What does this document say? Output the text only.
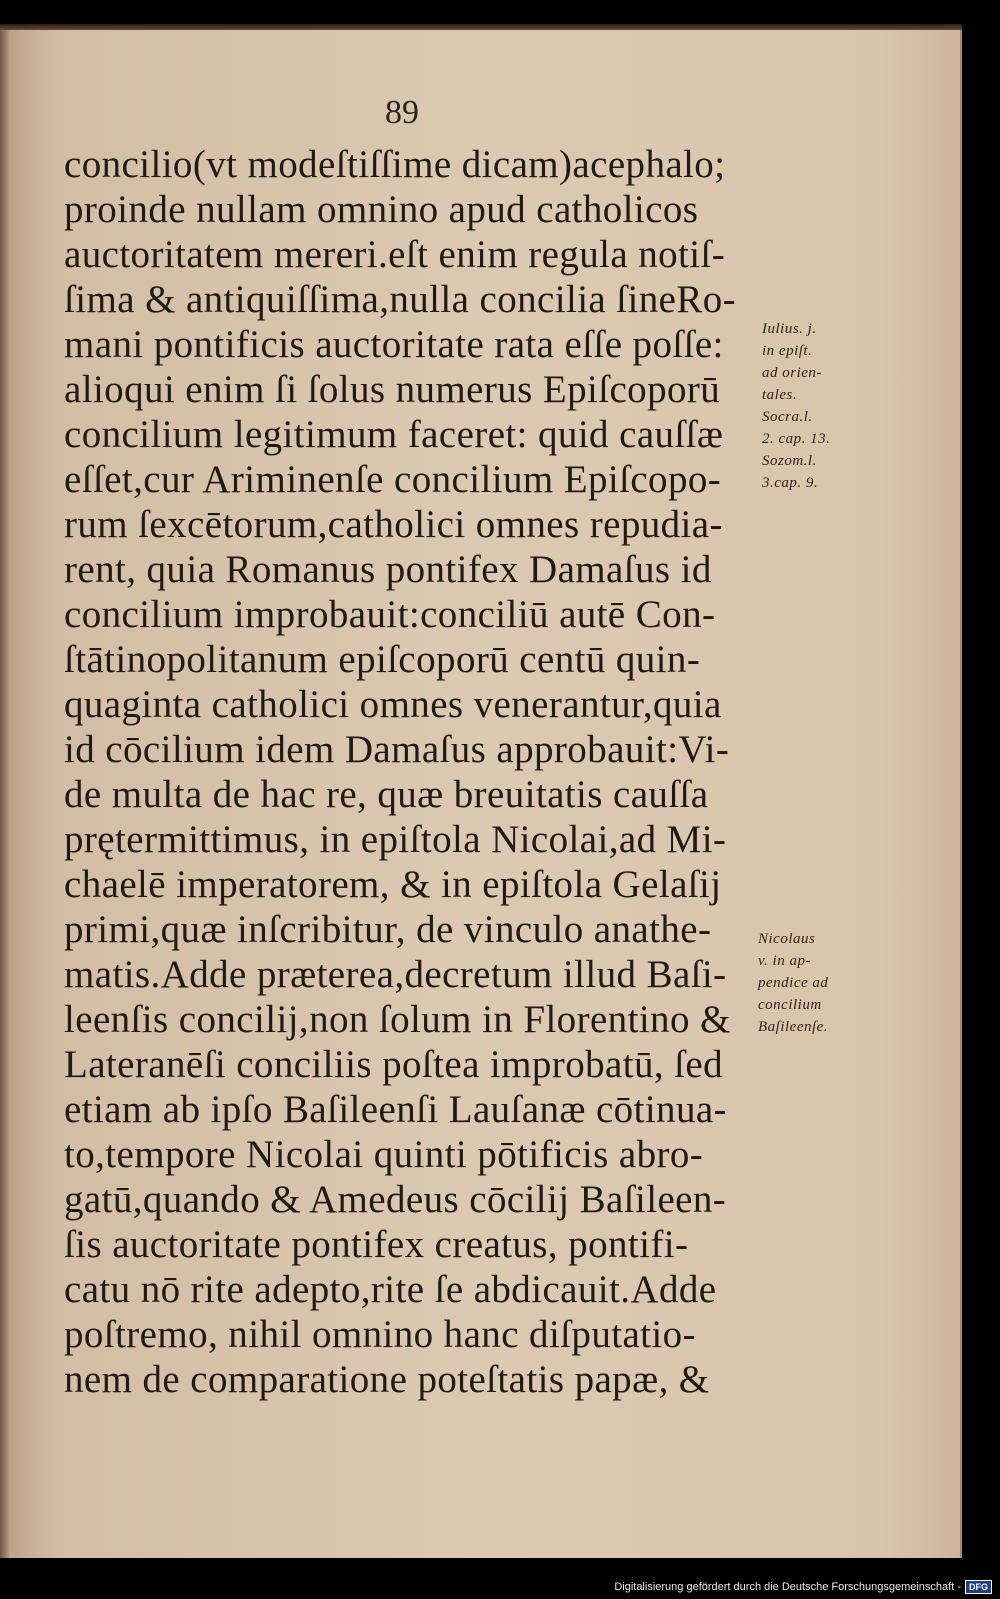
89
concilio(vt modeſtiſſime dicam)acephalo;
proinde nullam omnino apud catholicos
auctoritatem mereri.eſt enim regula notiſ-
ſima & antiquiſſima,nulla concilia ſineRo-
mani pontificis auctoritate rata eſſe poſſe:
alioqui enim ſi ſolus numerus Epiſcoporū
concilium legitimum faceret: quid cauſſæ
eſſet,cur Ariminenſe concilium Epiſcopo-
rum ſexcētorum,catholici omnes repudia-
rent, quia Romanus pontifex Damaſus id
concilium improbauit:conciliū autē Con-
ſtātinopolitanum epiſcoporū centū quin-
quaginta catholici omnes venerantur,quia
id cōcilium idem Damaſus approbauit:Vi-
de multa de hac re, quæ breuitatis cauſſa
prętermittimus, in epiſtola Nicolai,ad Mi-
chaelē imperatorem, & in epiſtola Gelaſij
primi,quæ inſcribitur, de vinculo anathe-
matis.Adde præterea,decretum illud Baſi-
leenſis concilij,non ſolum in Florentino &
Lateranēſi conciliis poſtea improbatū, ſed
etiam ab ipſo Baſileenſi Lauſanæ cōtinua-
to,tempore Nicolai quinti pōtificis abro-
gatū,quando & Amedeus cōcilij Baſileen-
ſis auctoritate pontifex creatus, pontifi-
catu nō rite adepto,rite ſe abdicauit.Adde
poſtremo, nihil omnino hanc diſputatio-
nem de comparatione poteſtatis papæ, &
Iulius. j.
in epiſt.
ad orien-
tales.
Socra.l.
2. cap. 13.
Sozom.l.
3.cap. 9.
Nicolaus
v. in ap-
pendice ad
concilium
Baſileenſe.
Digitalisierung gefördert durch die Deutsche Forschungsgemeinschaft - DFG
